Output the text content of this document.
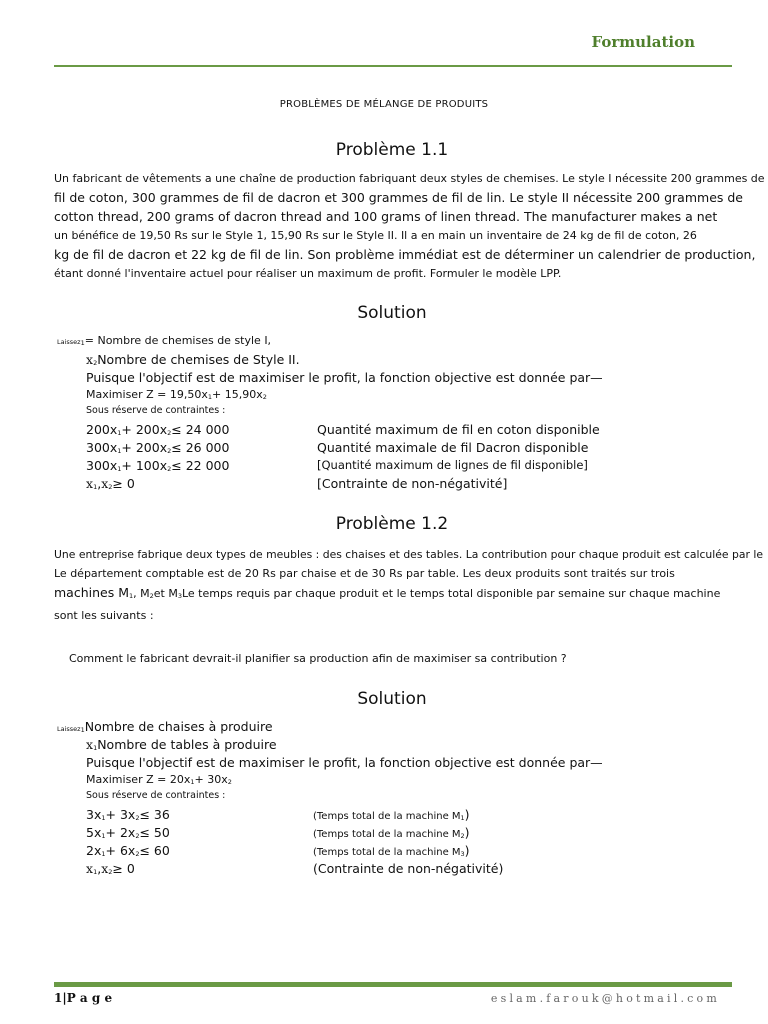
Formulation
PROBLÈMES DE MÉLANGE DE PRODUITS
Problème 1.1
Un fabricant de vêtements a une chaîne de production fabriquant deux styles de chemises. Le style I nécessite 200 grammes de
fil de coton, 300 grammes de fil de dacron et 300 grammes de fil de lin. Le style II nécessite 200 grammes de
cotton thread, 200 grams of dacron thread and 100 grams of linen thread. The manufacturer makes a net
un bénéfice de 19,50 Rs sur le Style 1, 15,90 Rs sur le Style II. Il a en main un inventaire de 24 kg de fil de coton, 26
kg de fil de dacron et 22 kg de fil de lin. Son problème immédiat est de déterminer un calendrier de production,
étant donné l'inventaire actuel pour réaliser un maximum de profit. Formuler le modèle LPP.
Solution
Laissez1= Nombre de chemises de style I,
x2Nombre de chemises de Style II.
Puisque l'objectif est de maximiser le profit, la fonction objective est donnée par—
Maximiser Z = 19,50x1+ 15,90x2
Sous réserve de contraintes :
200x1+ 200x2≤ 24 000	Quantité maximum de fil en coton disponible
300x1+ 200x2≤ 26 000	Quantité maximale de fil Dacron disponible
300x1+ 100x2≤ 22 000	[Quantité maximum de lignes de fil disponible]
x1,x2≥ 0	[Contrainte de non-négativité]
Problème 1.2
Une entreprise fabrique deux types de meubles : des chaises et des tables. La contribution pour chaque produit est calculée par le
Le département comptable est de 20 Rs par chaise et de 30 Rs par table. Les deux produits sont traités sur trois
machines M1, M2et M3Le temps requis par chaque produit et le temps total disponible par semaine sur chaque machine
sont les suivants :
Comment le fabricant devrait-il planifier sa production afin de maximiser sa contribution ?
Solution
Laissez1Nombre de chaises à produire
x1Nombre de tables à produire
Puisque l'objectif est de maximiser le profit, la fonction objective est donnée par—
Maximiser Z = 20x1+ 30x2
Sous réserve de contraintes :
3x1+ 3x2≤ 36	(Temps total de la machine M1)
5x1+ 2x2≤ 50	(Temps total de la machine M2)
2x1+ 6x2≤ 60	(Temps total de la machine M3)
x1,x2≥ 0	(Contrainte de non-négativité)
1|P a g e	eslam.farouk@hotmail.com
